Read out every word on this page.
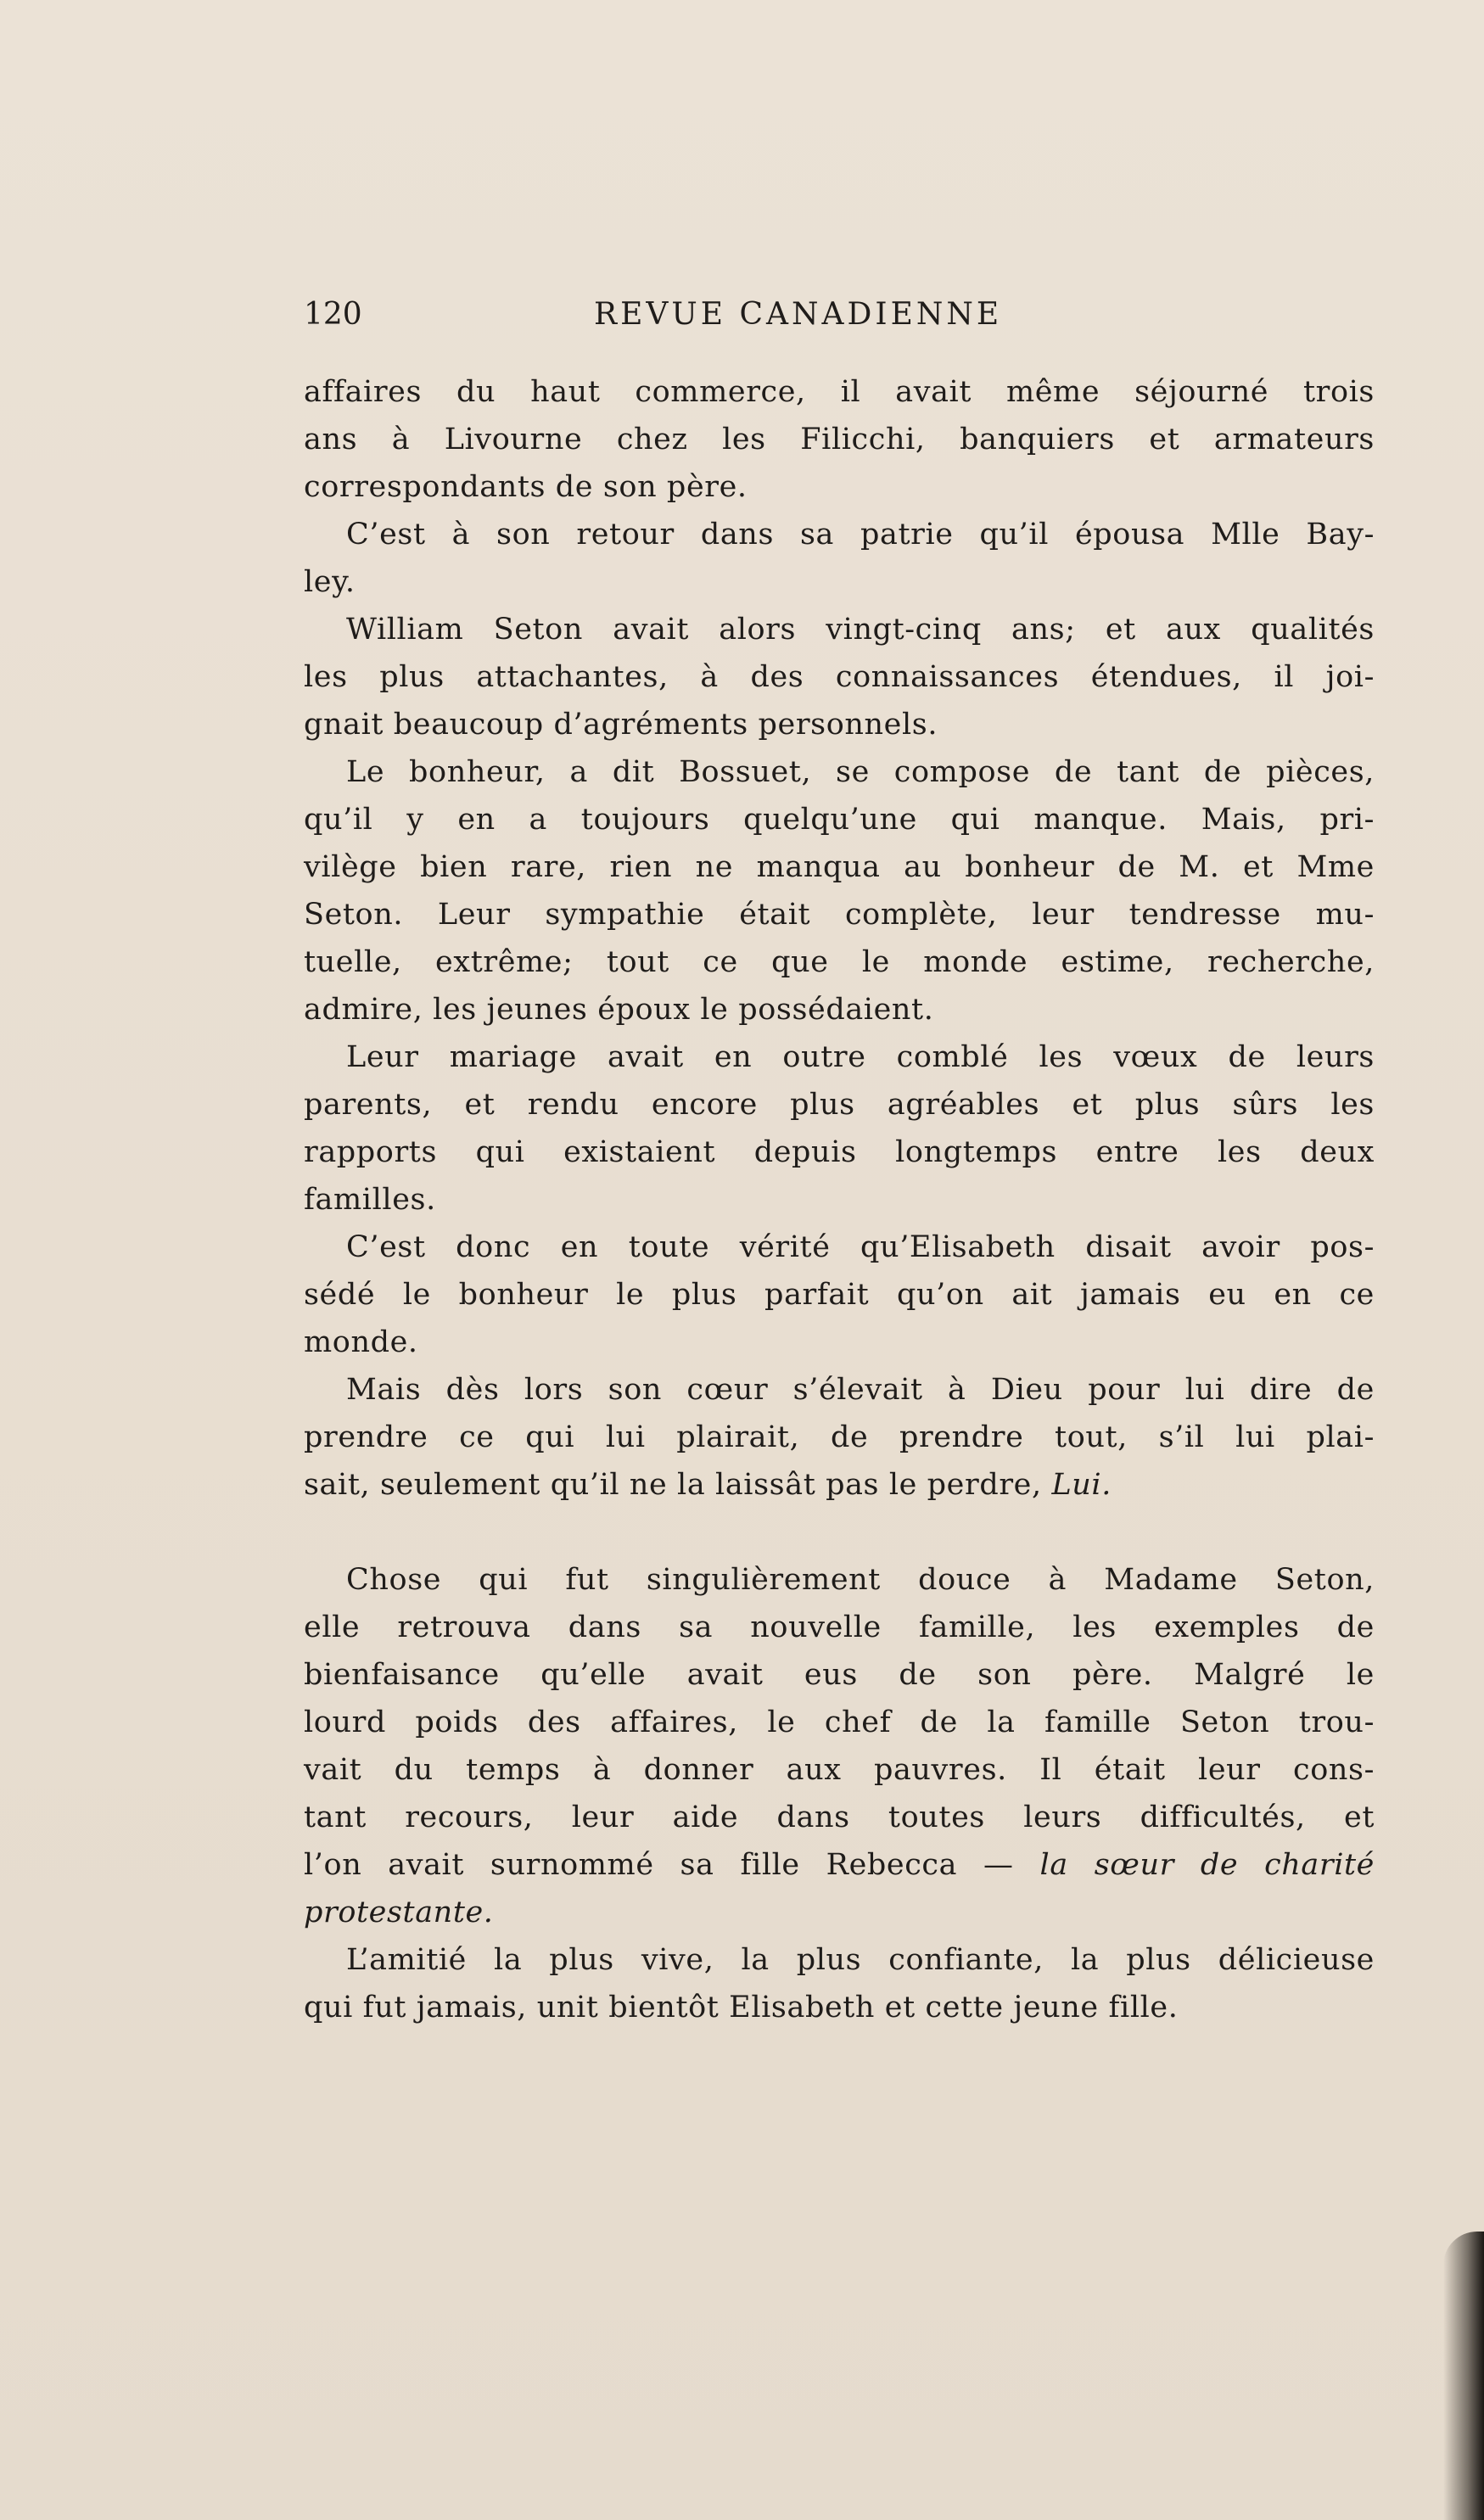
120	REVUE CANADIENNE
affaires du haut commerce, il avait même séjourné trois
ans à Livourne chez les Filicchi, banquiers et armateurs
correspondants de son père.
C’est à son retour dans sa patrie qu’il épousa Mlle Bay-
ley.
William Seton avait alors vingt-cinq ans; et aux qualités
les plus attachantes, à des connaissances étendues, il joi-
gnait beaucoup d’agréments personnels.
Le bonheur, a dit Bossuet, se compose de tant de pièces,
qu’il y en a toujours quelqu’une qui manque. Mais, pri-
vilège bien rare, rien ne manqua au bonheur de M. et Mme
Seton. Leur sympathie était complète, leur tendresse mu-
tuelle, extrême; tout ce que le monde estime, recherche,
admire, les jeunes époux le possédaient.
Leur mariage avait en outre comblé les vœux de leurs
parents, et rendu encore plus agréables et plus sûrs les
rapports qui existaient depuis longtemps entre les deux
familles.
C’est donc en toute vérité qu’Elisabeth disait avoir pos-
sédé le bonheur le plus parfait qu’on ait jamais eu en ce
monde.
Mais dès lors son cœur s’élevait à Dieu pour lui dire de
prendre ce qui lui plairait, de prendre tout, s’il lui plai-
sait, seulement qu’il ne la laissât pas le perdre, Lui.
Chose qui fut singulièrement douce à Madame Seton,
elle retrouva dans sa nouvelle famille, les exemples de
bienfaisance qu’elle avait eus de son père. Malgré le
lourd poids des affaires, le chef de la famille Seton trou-
vait du temps à donner aux pauvres. Il était leur cons-
tant recours, leur aide dans toutes leurs difficultés, et
l’on avait surnommé sa fille Rebecca — la sœur de charité
protestante.
L’amitié la plus vive, la plus confiante, la plus délicieuse
qui fut jamais, unit bientôt Elisabeth et cette jeune fille.
